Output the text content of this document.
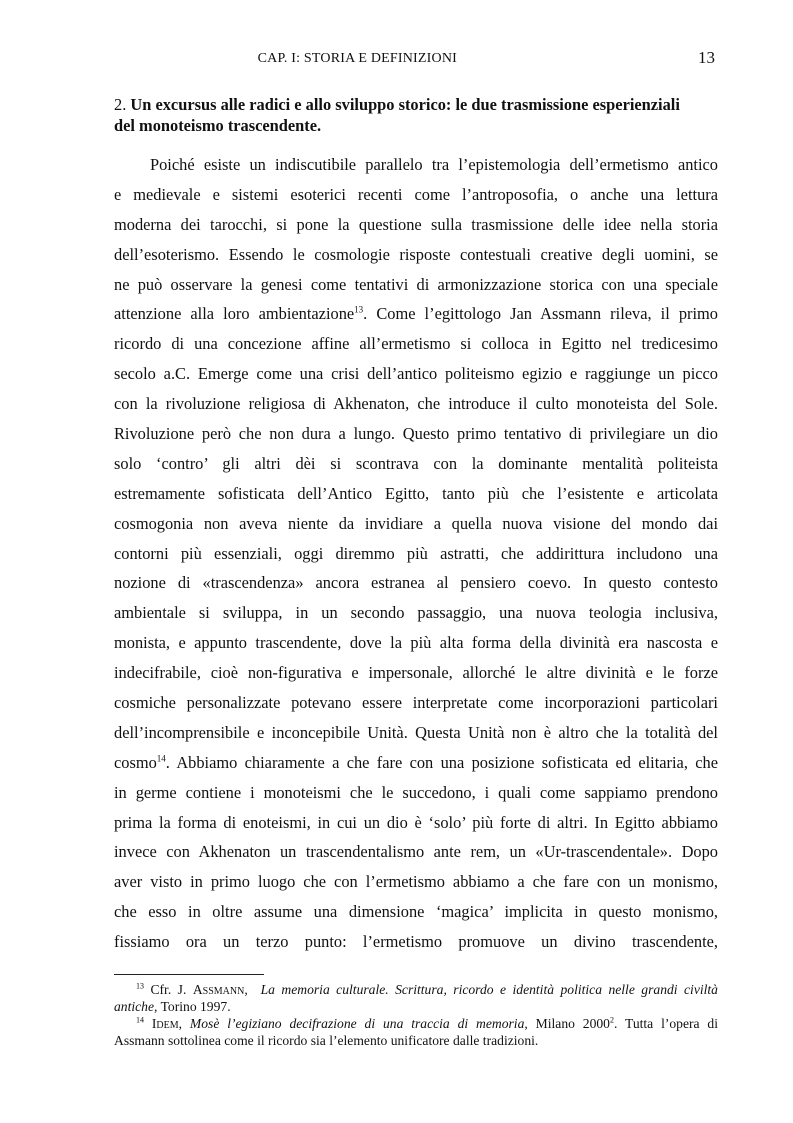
CAP. I: STORIA E DEFINIZIONI	13
2. Un excursus alle radici e allo sviluppo storico: le due trasmissione esperienziali
del monoteismo trascendente.
Poiché esiste un indiscutibile parallelo tra l’epistemologia dell’ermetismo antico
e medievale e sistemi esoterici recenti come l’antroposofia, o anche una lettura
moderna dei tarocchi, si pone la questione sulla trasmissione delle idee nella storia
dell’esoterismo. Essendo le cosmologie risposte contestuali creative degli uomini, se
ne può osservare la genesi come tentativi di armonizzazione storica con una speciale
attenzione alla loro ambientazione$^{13}$. Come l’egittologo Jan Assmann rileva, il primo
ricordo di una concezione affine all’ermetismo si colloca in Egitto nel tredicesimo
secolo a.C. Emerge come una crisi dell’antico politeismo egizio e raggiunge un picco
con la rivoluzione religiosa di Akhenaton, che introduce il culto monoteista del Sole.
Rivoluzione però che non dura a lungo. Questo primo tentativo di privilegiare un dio
solo ‘contro’ gli altri dèi si scontrava con la dominante mentalità politeista
estremamente sofisticata dell’Antico Egitto, tanto più che l’esistente e articolata
cosmogonia non aveva niente da invidiare a quella nuova visione del mondo dai
contorni più essenziali, oggi diremmo più astratti, che addirittura includono una
nozione di «trascendenza» ancora estranea al pensiero coevo. In questo contesto
ambientale si sviluppa, in un secondo passaggio, una nuova teologia inclusiva,
monista, e appunto trascendente, dove la più alta forma della divinità era nascosta e
indecifrabile, cioè non-figurativa e impersonale, allorché le altre divinità e le forze
cosmiche personalizzate potevano essere interpretate come incorporazioni particolari
dell’incomprensibile e inconcepibile Unità. Questa Unità non è altro che la totalità del
cosmo$^{14}$. Abbiamo chiaramente a che fare con una posizione sofisticata ed elitaria, che
in germe contiene i monoteismi che le succedono, i quali come sappiamo prendono
prima la forma di enoteismi, in cui un dio è ‘solo’ più forte di altri. In Egitto abbiamo
invece con Akhenaton un trascendentalismo ante rem, un «Ur-trascendentale». Dopo
aver visto in primo luogo che con l’ermetismo abbiamo a che fare con un monismo,
che esso in oltre assume una dimensione ‘magica’ implicita in questo monismo,
fissiamo ora un terzo punto: l’ermetismo promuove un divino trascendente,
$^{13}$ Cfr. J. Assmann,  La memoria culturale. Scrittura, ricordo e identità politica nelle grandi civiltà
antiche, Torino 1997.
$^{14}$ Idem, Mosè l’egiziano decifrazione di una traccia di memoria, Milano 2000$^2$. Tutta l’opera di
Assmann sottolinea come il ricordo sia l’elemento unificatore dalle tradizioni.
